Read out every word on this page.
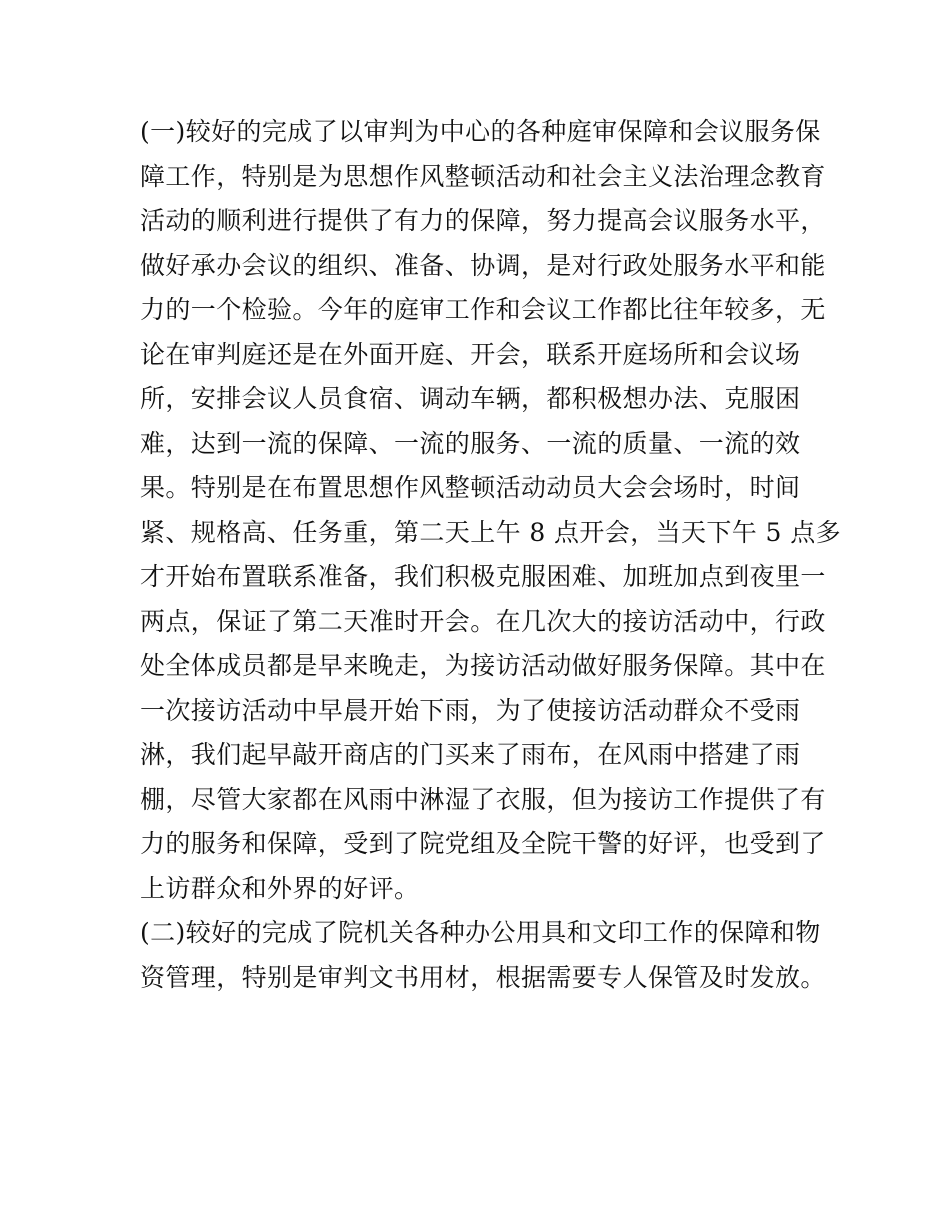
(一)较好的完成了以审判为中心的各种庭审保障和会议服务保
障工作，特别是为思想作风整顿活动和社会主义法治理念教育
活动的顺利进行提供了有力的保障，努力提高会议服务水平，
做好承办会议的组织、准备、协调，是对行政处服务水平和能
力的一个检验。今年的庭审工作和会议工作都比往年较多，无
论在审判庭还是在外面开庭、开会，联系开庭场所和会议场
所，安排会议人员食宿、调动车辆，都积极想办法、克服困
难，达到一流的保障、一流的服务、一流的质量、一流的效
果。特别是在布置思想作风整顿活动动员大会会场时，时间
紧、规格高、任务重，第二天上午 8 点开会，当天下午 5 点多
才开始布置联系准备，我们积极克服困难、加班加点到夜里一
两点，保证了第二天准时开会。在几次大的接访活动中，行政
处全体成员都是早来晚走，为接访活动做好服务保障。其中在
一次接访活动中早晨开始下雨，为了使接访活动群众不受雨
淋，我们起早敲开商店的门买来了雨布，在风雨中搭建了雨
棚，尽管大家都在风雨中淋湿了衣服，但为接访工作提供了有
力的服务和保障，受到了院党组及全院干警的好评，也受到了
上访群众和外界的好评。
(二)较好的完成了院机关各种办公用具和文印工作的保障和物
资管理，特别是审判文书用材，根据需要专人保管及时发放。
